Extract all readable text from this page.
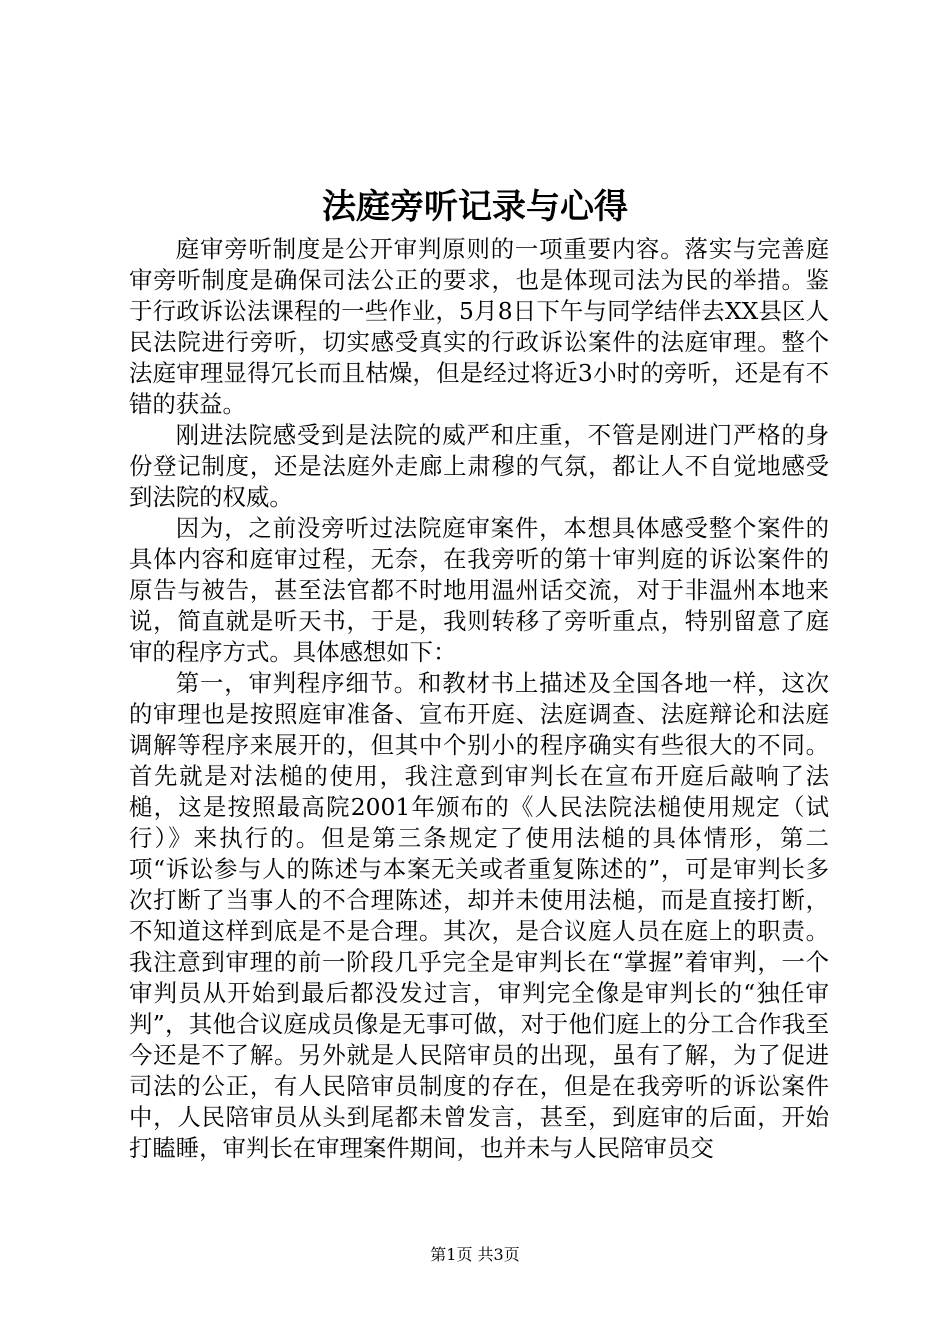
法庭旁听记录与心得

庭审旁听制度是公开审判原则的一项重要内容。落实与完善庭审旁听制度是确保司法公正的要求，也是体现司法为民的举措。鉴于行政诉讼法课程的一些作业，5月8日下午与同学结伴去XX县区人民法院进行旁听，切实感受真实的行政诉讼案件的法庭审理。整个法庭审理显得冗长而且枯燥，但是经过将近3小时的旁听，还是有不错的获益。

刚进法院感受到是法院的威严和庄重，不管是刚进门严格的身份登记制度，还是法庭外走廊上肃穆的气氛，都让人不自觉地感受到法院的权威。

因为，之前没旁听过法院庭审案件，本想具体感受整个案件的具体内容和庭审过程，无奈，在我旁听的第十审判庭的诉讼案件的原告与被告，甚至法官都不时地用温州话交流，对于非温州本地来说，简直就是听天书，于是，我则转移了旁听重点，特别留意了庭审的程序方式。具体感想如下：

第一，审判程序细节。和教材书上描述及全国各地一样，这次的审理也是按照庭审准备、宣布开庭、法庭调查、法庭辩论和法庭调解等程序来展开的，但其中个别小的程序确实有些很大的不同。首先就是对法槌的使用，我注意到审判长在宣布开庭后敲响了法槌，这是按照最高院2001年颁布的《人民法院法槌使用规定（试行）》来执行的。但是第三条规定了使用法槌的具体情形，第二项“诉讼参与人的陈述与本案无关或者重复陈述的”，可是审判长多次打断了当事人的不合理陈述，却并未使用法槌，而是直接打断，不知道这样到底是不是合理。其次，是合议庭人员在庭上的职责。我注意到审理的前一阶段几乎完全是审判长在“掌握”着审判，一个审判员从开始到最后都没发过言，审判完全像是审判长的“独任审判”，其他合议庭成员像是无事可做，对于他们庭上的分工合作我至今还是不了解。另外就是人民陪审员的出现，虽有了解，为了促进司法的公正，有人民陪审员制度的存在，但是在我旁听的诉讼案件中，人民陪审员从头到尾都未曾发言，甚至，到庭审的后面，开始打瞌睡，审判长在审理案件期间，也并未与人民陪审员交

第1页 共3页
